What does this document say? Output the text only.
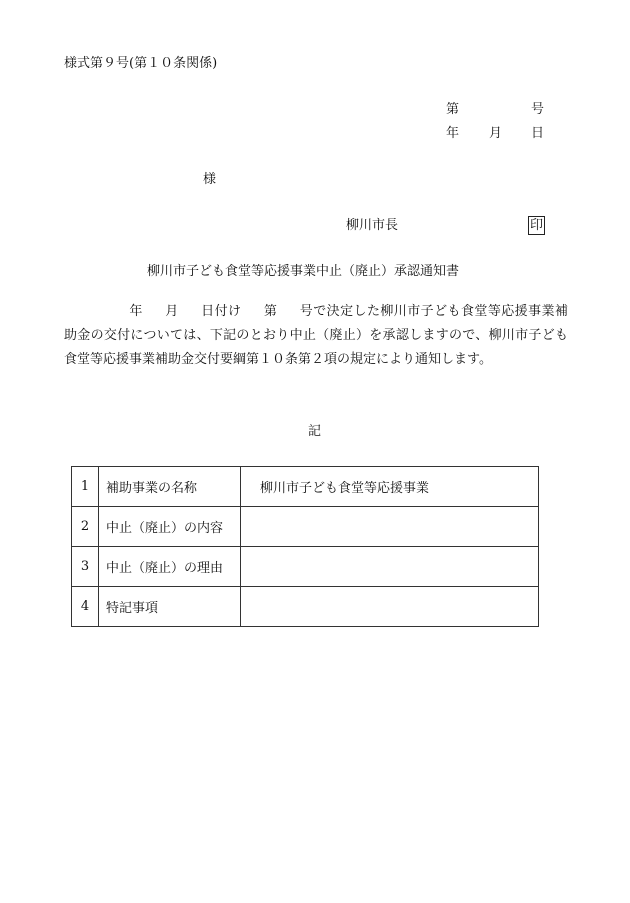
様式第９号(第１０条関係)
第	号
年 月 日
様
柳川市長	印
柳川市子ども食堂等応援事業中止（廃止）承認通知書
年 月 日付け 第 号で決定した柳川市子ども食堂等応援事業補助金の交付については、下記のとおり中止（廃止）を承認しますので、柳川市子ども食堂等応援事業補助金交付要綱第１０条第２項の規定により通知します。
記
1	補助事業の名称	柳川市子ども食堂等応援事業
2	中止（廃止）の内容	
3	中止（廃止）の理由	
4	特記事項	
